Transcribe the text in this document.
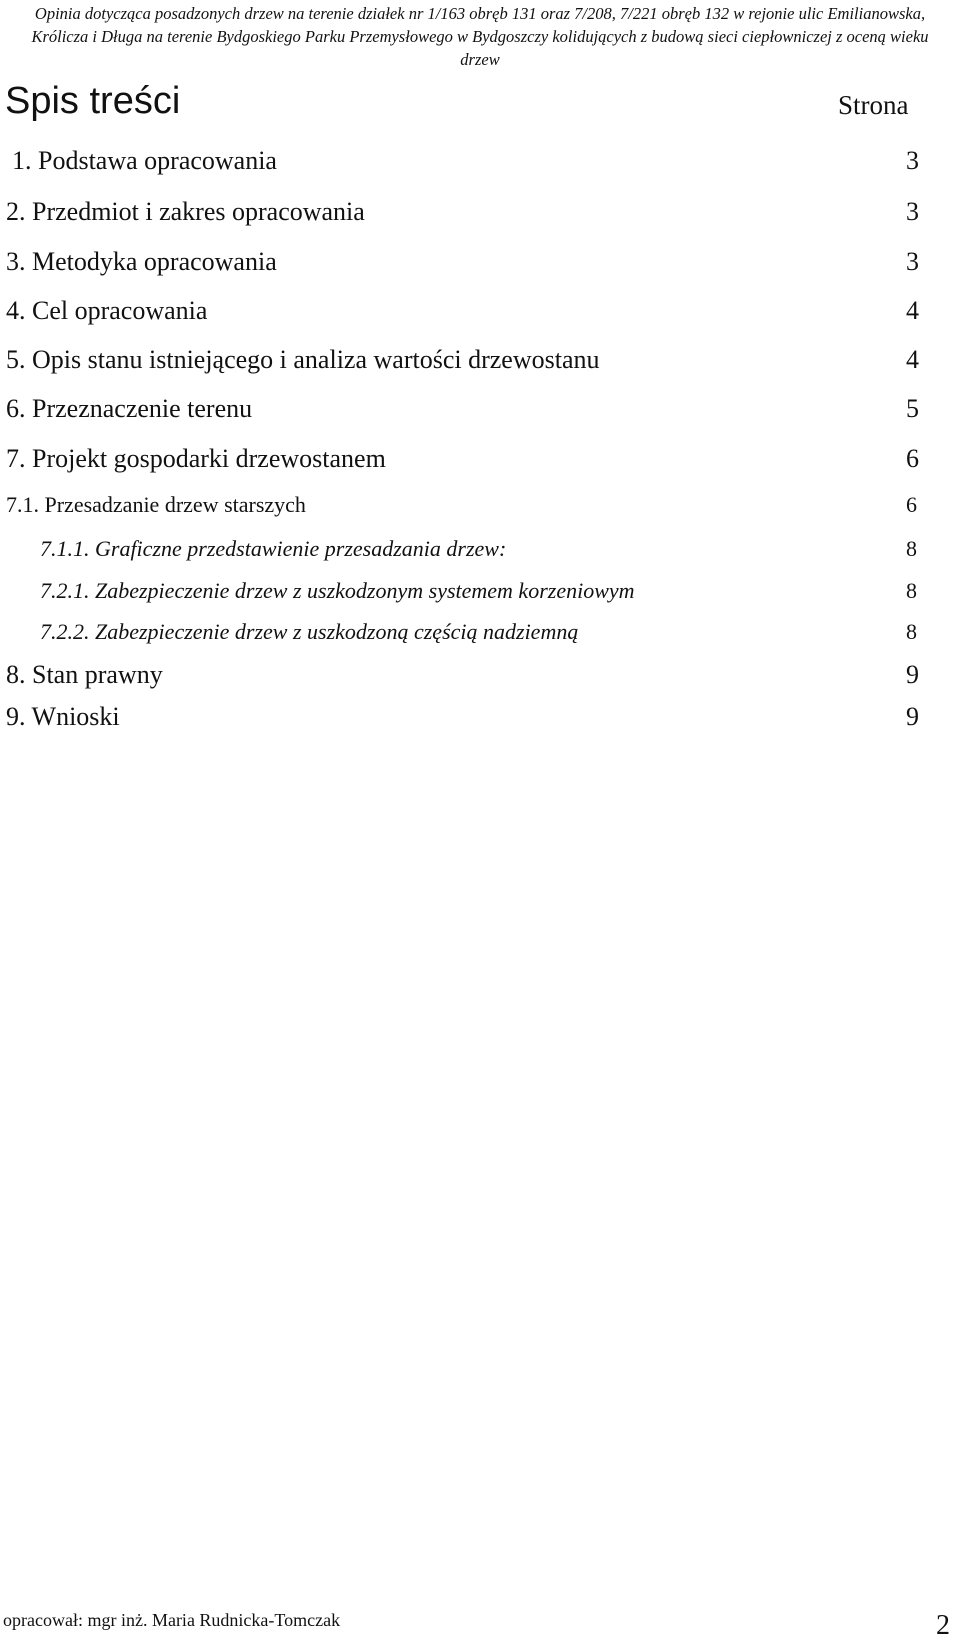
Opinia dotycząca posadzonych drzew na terenie działek nr 1/163 obręb 131 oraz 7/208, 7/221 obręb 132 w rejonie ulic Emilianowska,
Królicza i Długa na terenie Bydgoskiego Parku Przemysłowego w Bydgoszczy kolidujących z budową sieci ciepłowniczej z oceną wieku
drzew
Spis treści	Strona
1. Podstawa opracowania	3
2. Przedmiot i zakres opracowania	3
3. Metodyka opracowania	3
4. Cel opracowania	4
5. Opis stanu istniejącego i analiza wartości drzewostanu	4
6. Przeznaczenie terenu	5
7. Projekt gospodarki drzewostanem	6
7.1. Przesadzanie drzew starszych	6
7.1.1. Graficzne przedstawienie przesadzania drzew:	8
7.2.1. Zabezpieczenie drzew z uszkodzonym systemem korzeniowym	8
7.2.2. Zabezpieczenie drzew z uszkodzoną częścią nadziemną	8
8. Stan prawny	9
9. Wnioski	9
opracował: mgr inż. Maria Rudnicka-Tomczak	2
